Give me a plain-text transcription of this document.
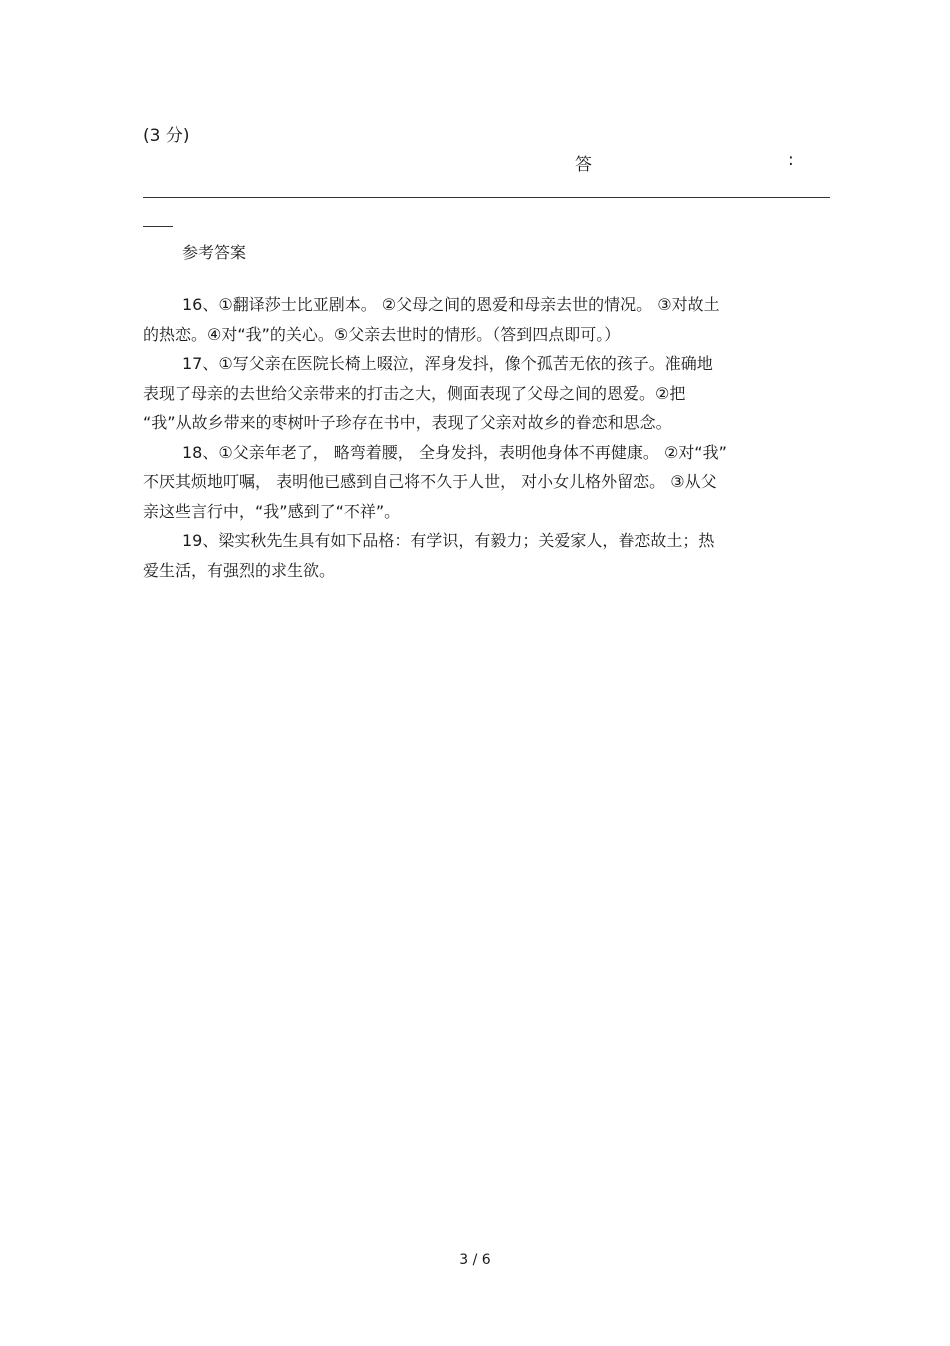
(3 分)
答	:
参考答案
16、①翻译莎士比亚剧本。 ②父母之间的恩爱和母亲去世的情况。 ③对故土
的热恋。④对“我”的关心。⑤父亲去世时的情形。（答到四点即可。）
17、①写父亲在医院长椅上啜泣，浑身发抖，像个孤苦无依的孩子。准确地
表现了母亲的去世给父亲带来的打击之大，侧面表现了父母之间的恩爱。②把
“我”从故乡带来的枣树叶子珍存在书中，表现了父亲对故乡的眷恋和思念。
18、①父亲年老了， 略弯着腰， 全身发抖，表明他身体不再健康。 ②对“我”
不厌其烦地叮嘱， 表明他已感到自己将不久于人世， 对小女儿格外留恋。 ③从父
亲这些言行中，“我”感到了“不祥”。
19、梁实秋先生具有如下品格：有学识，有毅力；关爱家人，眷恋故土；热
爱生活，有强烈的求生欲。
3 / 6
